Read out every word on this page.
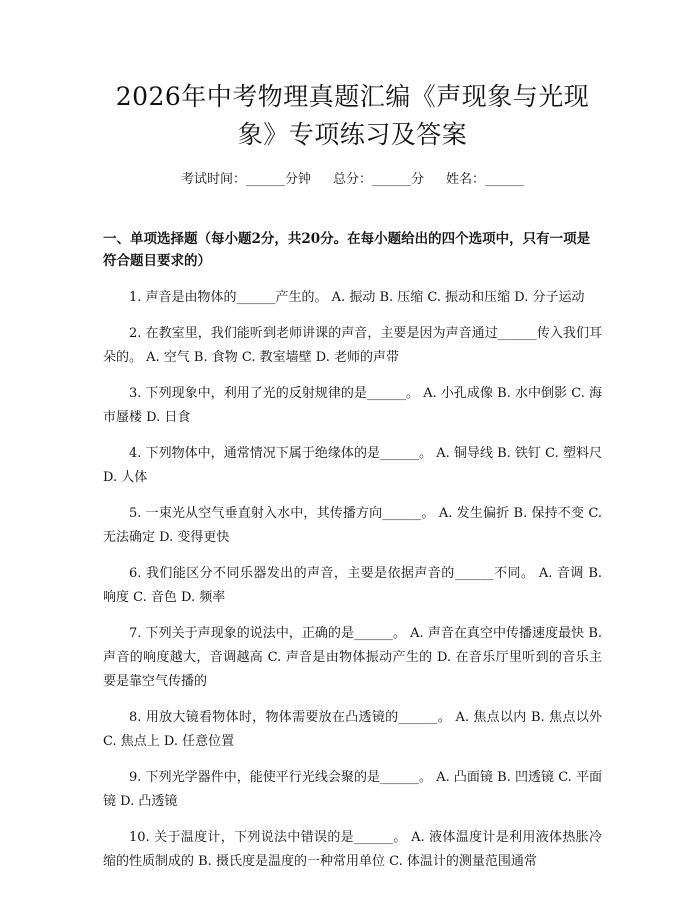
2026年中考物理真题汇编《声现象与光现象》专项练习及答案
考试时间：______分钟 总分：______分 姓名：______
一、单项选择题（每小题2分，共20分。在每小题给出的四个选项中，只有一项是符合题目要求的）

1. 声音是由物体的______产生的。 A. 振动 B. 压缩 C. 振动和压缩 D. 分子运动

2. 在教室里，我们能听到老师讲课的声音，主要是因为声音通过______传入我们耳朵的。 A. 空气 B. 食物 C. 教室墙壁 D. 老师的声带

3. 下列现象中，利用了光的反射规律的是______。 A. 小孔成像 B. 水中倒影 C. 海市蜃楼 D. 日食

4. 下列物体中，通常情况下属于绝缘体的是______。 A. 铜导线 B. 铁钉 C. 塑料尺 D. 人体

5. 一束光从空气垂直射入水中，其传播方向______。 A. 发生偏折 B. 保持不变 C. 无法确定 D. 变得更快

6. 我们能区分不同乐器发出的声音，主要是依据声音的______不同。 A. 音调 B. 响度 C. 音色 D. 频率

7. 下列关于声现象的说法中，正确的是______。 A. 声音在真空中传播速度最快 B. 声音的响度越大，音调越高 C. 声音是由物体振动产生的 D. 在音乐厅里听到的音乐主要是靠空气传播的

8. 用放大镜看物体时，物体需要放在凸透镜的______。 A. 焦点以内 B. 焦点以外 C. 焦点上 D. 任意位置

9. 下列光学器件中，能使平行光线会聚的是______。 A. 凸面镜 B. 凹透镜 C. 平面镜 D. 凸透镜

10. 关于温度计，下列说法中错误的是______。 A. 液体温度计是利用液体热胀冷缩的性质制成的 B. 摄氏度是温度的一种常用单位 C. 体温计的测量范围通常
